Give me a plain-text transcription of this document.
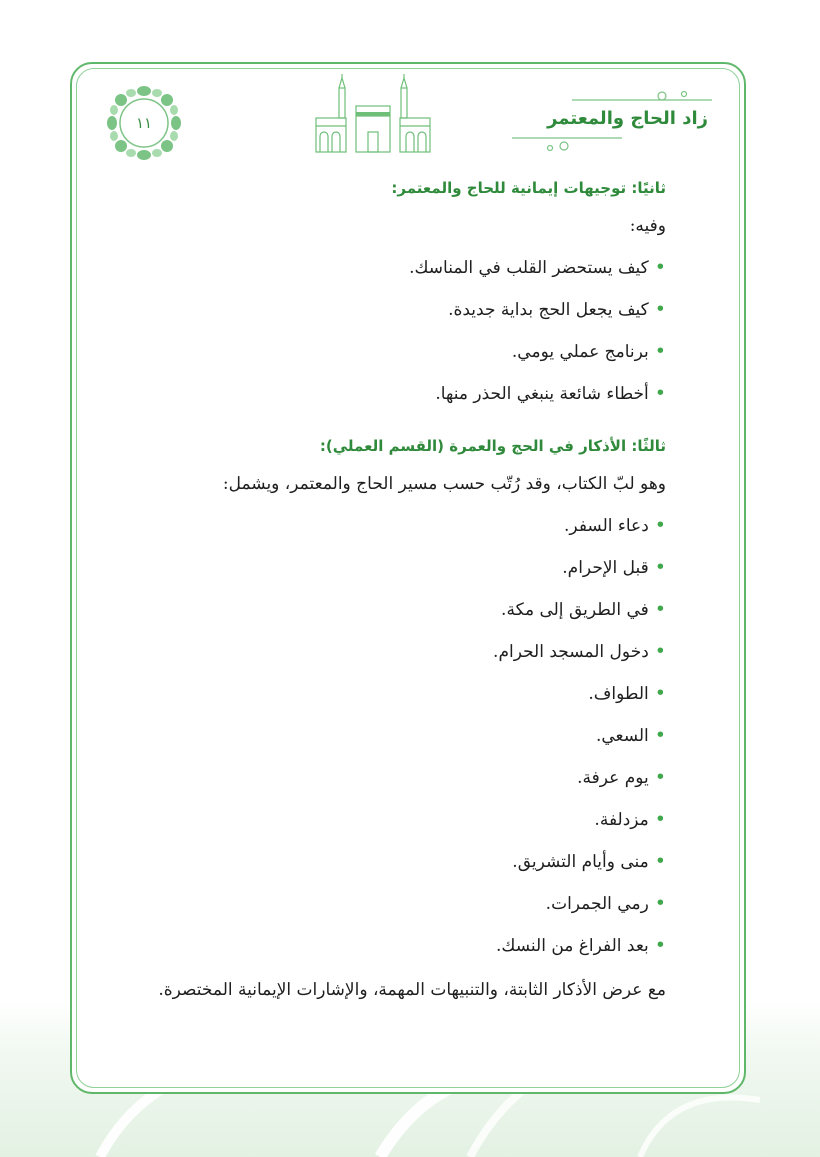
١١	زاد الحاج والمعتمر
ثانيًا: توجيهات إيمانية للحاج والمعتمر:

وفيه:

• كيف يستحضر القلب في المناسك.
• كيف يجعل الحج بداية جديدة.
• برنامج عملي يومي.
• أخطاء شائعة ينبغي الحذر منها.
ثالثًا: الأذكار في الحج والعمرة (القسم العملي):

وهو لبّ الكتاب، وقد رُتّب حسب مسير الحاج والمعتمر، ويشمل:

• دعاء السفر.
• قبل الإحرام.
• في الطريق إلى مكة.
• دخول المسجد الحرام.
• الطواف.
• السعي.
• يوم عرفة.
• مزدلفة.
• منى وأيام التشريق.
• رمي الجمرات.
• بعد الفراغ من النسك.

مع عرض الأذكار الثابتة، والتنبيهات المهمة، والإشارات الإيمانية المختصرة.
